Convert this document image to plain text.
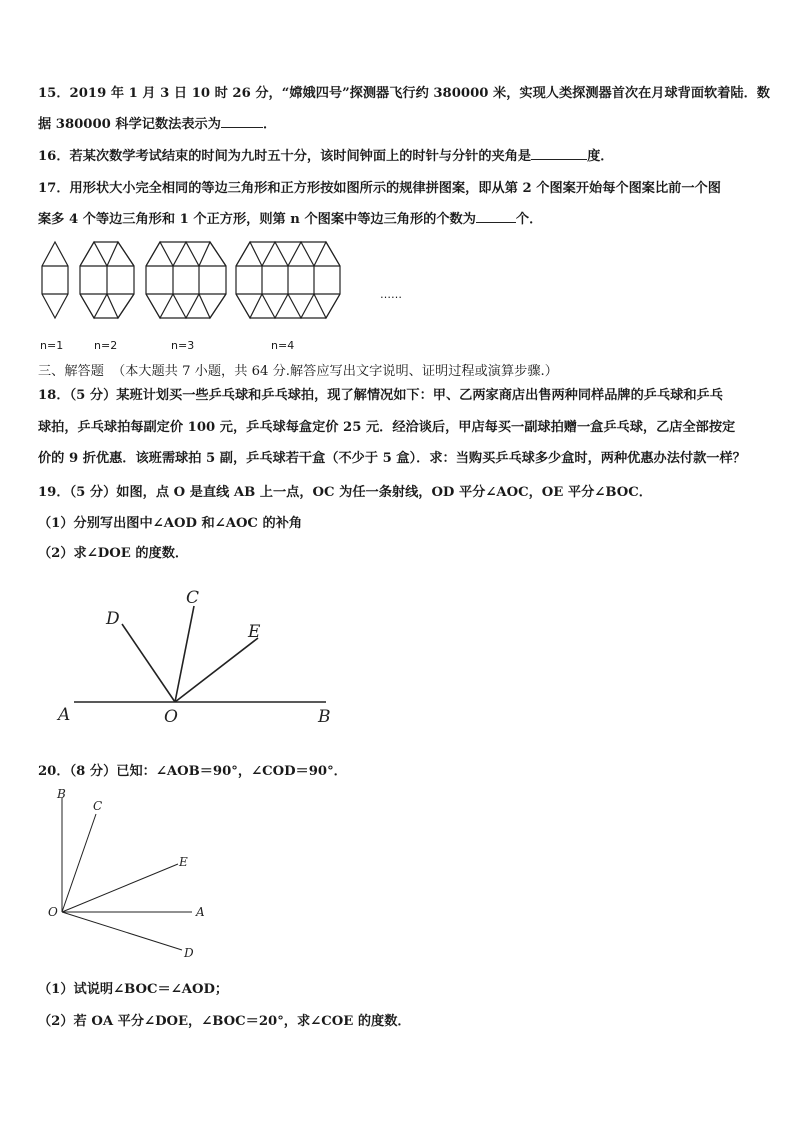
15．2019 年 1 月 3 日 10 时 26 分，“嫦娥四号”探测器飞行约 380000 米，实现人类探测器首次在月球背面软着陆．数
据 380000 科学记数法表示为	．
16．若某次数学考试结束的时间为九时五十分，该时间钟面上的时针与分针的夹角是	度．
17．用形状大小完全相同的等边三角形和正方形按如图所示的规律拼图案，即从第 2 个图案开始每个图案比前一个图
案多 4 个等边三角形和 1 个正方形，则第 n 个图案中等边三角形的个数为	个．
……
n=1	n=2	n=3	n=4
三、解答题 （本大题共 7 小题，共 64 分.解答应写出文字说明、证明过程或演算步骤.）
18．（5 分）某班计划买一些乒乓球和乒乓球拍，现了解情况如下：甲、乙两家商店出售两种同样品牌的乒乓球和乒乓
球拍，乒乓球拍每副定价 100 元，乒乓球每盒定价 25 元．经洽谈后，甲店每买一副球拍赠一盒乒乓球，乙店全部按定
价的 9 折优惠．该班需球拍 5 副，乒乓球若干盒（不少于 5 盒）．求：当购买乒乓球多少盒时，两种优惠办法付款一样？
19．（5 分）如图，点 O 是直线 AB 上一点，OC 为任一条射线，OD 平分∠AOC，OE 平分∠BOC．
（1）分别写出图中∠AOD 和∠AOC 的补角
（2）求∠DOE 的度数．
A	B
C
D
E
O
20．（8 分）已知：∠AOB＝90°，∠COD＝90°．
B
C
E
A
D
O
（1）试说明∠BOC＝∠AOD；
（2）若 OA 平分∠DOE，∠BOC＝20°，求∠COE 的度数．
